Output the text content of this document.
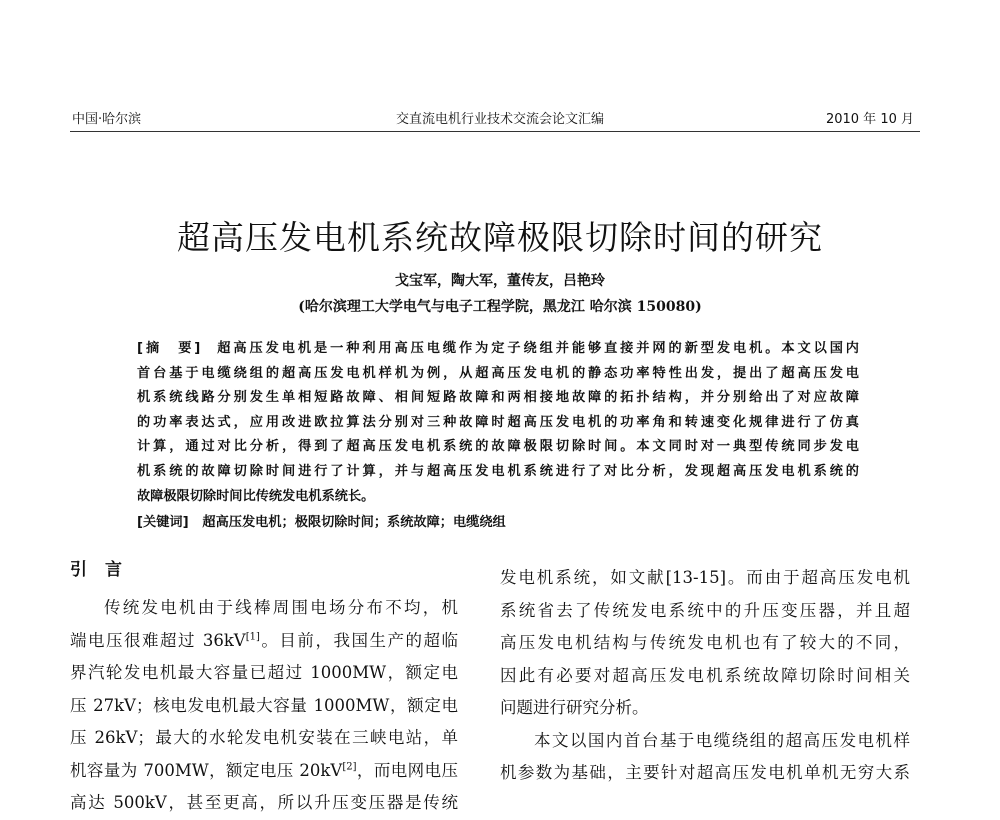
中国·哈尔滨	交直流电机行业技术交流会论文汇编	2010 年 10 月
超高压发电机系统故障极限切除时间的研究
戈宝军，陶大军，董传友，吕艳玲
(哈尔滨理工大学电气与电子工程学院，黑龙江 哈尔滨 150080)
[摘　要] 超高压发电机是一种利用高压电缆作为定子绕组并能够直接并网的新型发电机。本文以国内
首台基于电缆绕组的超高压发电机样机为例，从超高压发电机的静态功率特性出发，提出了超高压发电
机系统线路分别发生单相短路故障、相间短路故障和两相接地故障的拓扑结构，并分别给出了对应故障
的功率表达式，应用改进欧拉算法分别对三种故障时超高压发电机的功率角和转速变化规律进行了仿真
计算，通过对比分析，得到了超高压发电机系统的故障极限切除时间。本文同时对一典型传统同步发电
机系统的故障切除时间进行了计算，并与超高压发电机系统进行了对比分析，发现超高压发电机系统的
故障极限切除时间比传统发电机系统长。
[关键词] 超高压发电机；极限切除时间；系统故障；电缆绕组
引言
传统发电机由于线棒周围电场分布不均，机
端电压很难超过 36kV[1]。目前，我国生产的超临
界汽轮发电机最大容量已超过 1000MW，额定电
压 27kV；核电发电机最大容量 1000MW，额定电
压 26kV；最大的水轮发电机安装在三峡电站，单
机容量为 700MW，额定电压 20kV[2]，而电网电压
高达 500kV，甚至更高，所以升压变压器是传统
发电机系统，如文献[13-15]。而由于超高压发电机
系统省去了传统发电系统中的升压变压器，并且超
高压发电机结构与传统发电机也有了较大的不同，
因此有必要对超高压发电机系统故障切除时间相关
问题进行研究分析。
本文以国内首台基于电缆绕组的超高压发电机样
机参数为基础，主要针对超高压发电机单机无穷大系
